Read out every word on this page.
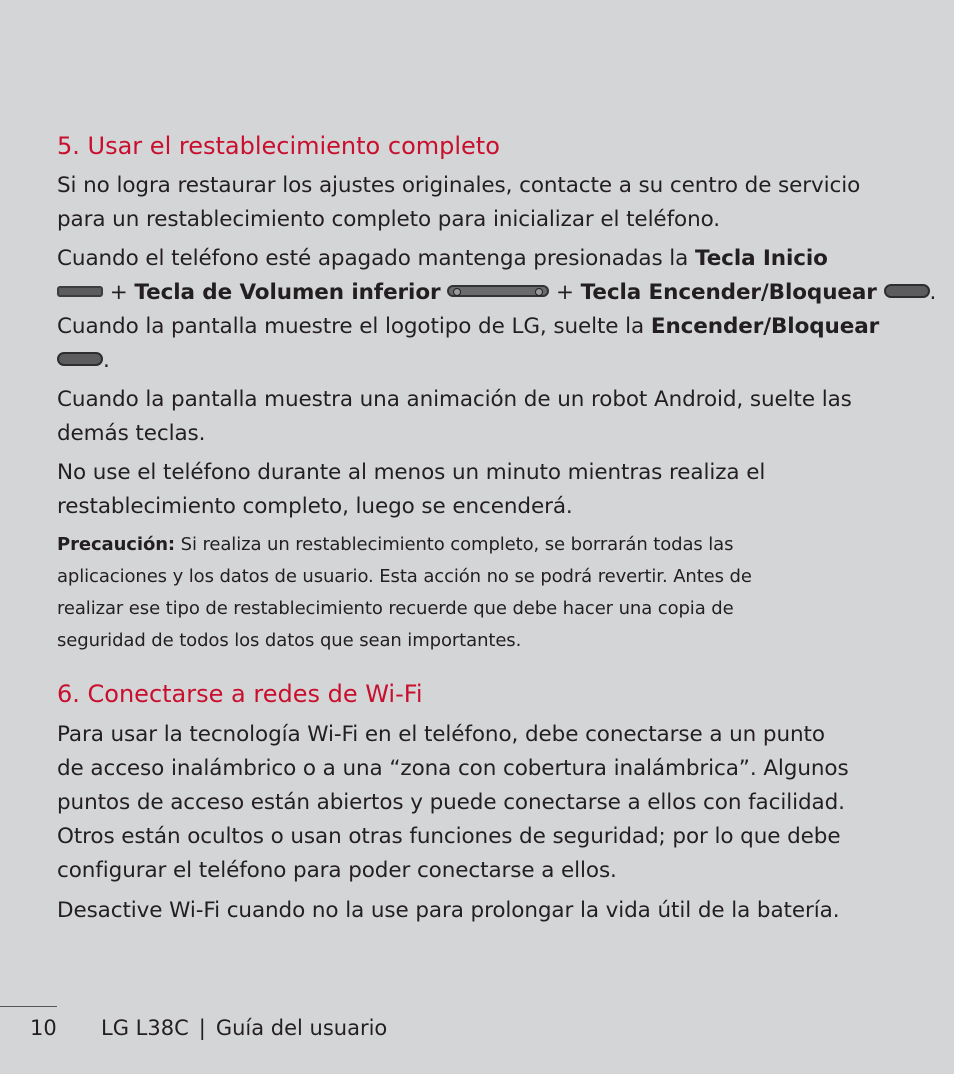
5. Usar el restablecimiento completo

Si no logra restaurar los ajustes originales, contacte a su centro de servicio
para un restablecimiento completo para inicializar el teléfono.

Cuando el teléfono esté apagado mantenga presionadas la Tecla Inicio
+ Tecla de Volumen inferior	+ Tecla Encender/Bloquear .
Cuando la pantalla muestre el logotipo de LG, suelte la Encender/Bloquear
.

Cuando la pantalla muestra una animación de un robot Android, suelte las
demás teclas.

No use el teléfono durante al menos un minuto mientras realiza el
restablecimiento completo, luego se encenderá.

Precaución: Si realiza un restablecimiento completo, se borrarán todas las
aplicaciones y los datos de usuario. Esta acción no se podrá revertir. Antes de
realizar ese tipo de restablecimiento recuerde que debe hacer una copia de
seguridad de todos los datos que sean importantes.

6. Conectarse a redes de Wi-Fi

Para usar la tecnología Wi-Fi en el teléfono, debe conectarse a un punto
de acceso inalámbrico o a una “zona con cobertura inalámbrica”. Algunos
puntos de acceso están abiertos y puede conectarse a ellos con facilidad.
Otros están ocultos o usan otras funciones de seguridad; por lo que debe
configurar el teléfono para poder conectarse a ellos.

Desactive Wi-Fi cuando no la use para prolongar la vida útil de la batería.

10 LG L38C | Guía del usuario
